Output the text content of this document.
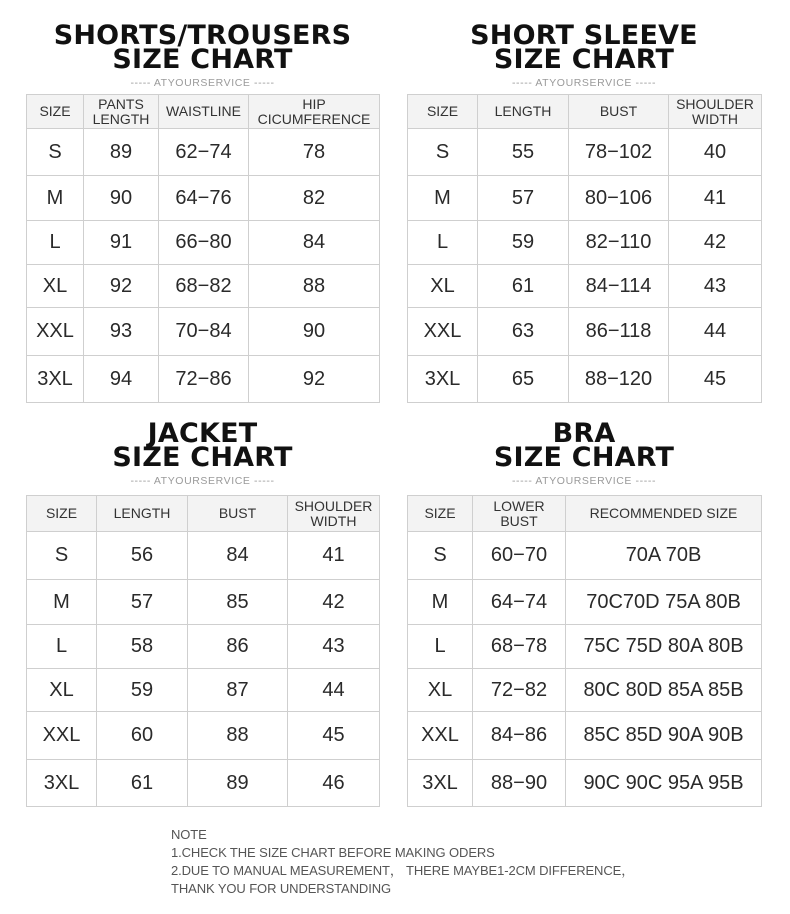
SHORTS/TROUSERS
SIZE CHART
----- ATYOURSERVICE -----
SIZE	PANTS LENGTH	WAISTLINE	HIP CICUMFERENCE
S	89	62−74	78
M	90	64−76	82
L	91	66−80	84
XL	92	68−82	88
XXL	93	70−84	90
3XL	94	72−86	92
SHORT SLEEVE
SIZE CHART
----- ATYOURSERVICE -----
SIZE	LENGTH	BUST	SHOULDER WIDTH
S	55	78−102	40
M	57	80−106	41
L	59	82−110	42
XL	61	84−114	43
XXL	63	86−118	44
3XL	65	88−120	45
JACKET
SIZE CHART
----- ATYOURSERVICE -----
SIZE	LENGTH	BUST	SHOULDER WIDTH
S	56	84	41
M	57	85	42
L	58	86	43
XL	59	87	44
XXL	60	88	45
3XL	61	89	46
BRA
SIZE CHART
----- ATYOURSERVICE -----
SIZE	LOWER BUST	RECOMMENDED SIZE
S	60−70	70A 70B
M	64−74	70C70D 75A 80B
L	68−78	75C 75D 80A 80B
XL	72−82	80C 80D 85A 85B
XXL	84−86	85C 85D 90A 90B
3XL	88−90	90C 90C 95A 95B
NOTE
1.CHECK THE SIZE CHART BEFORE MAKING ODERS
2.DUE TO MANUAL MEASUREMENT， THERE MAYBE1-2CM DIFFERENCE，
THANK YOU FOR UNDERSTANDING
